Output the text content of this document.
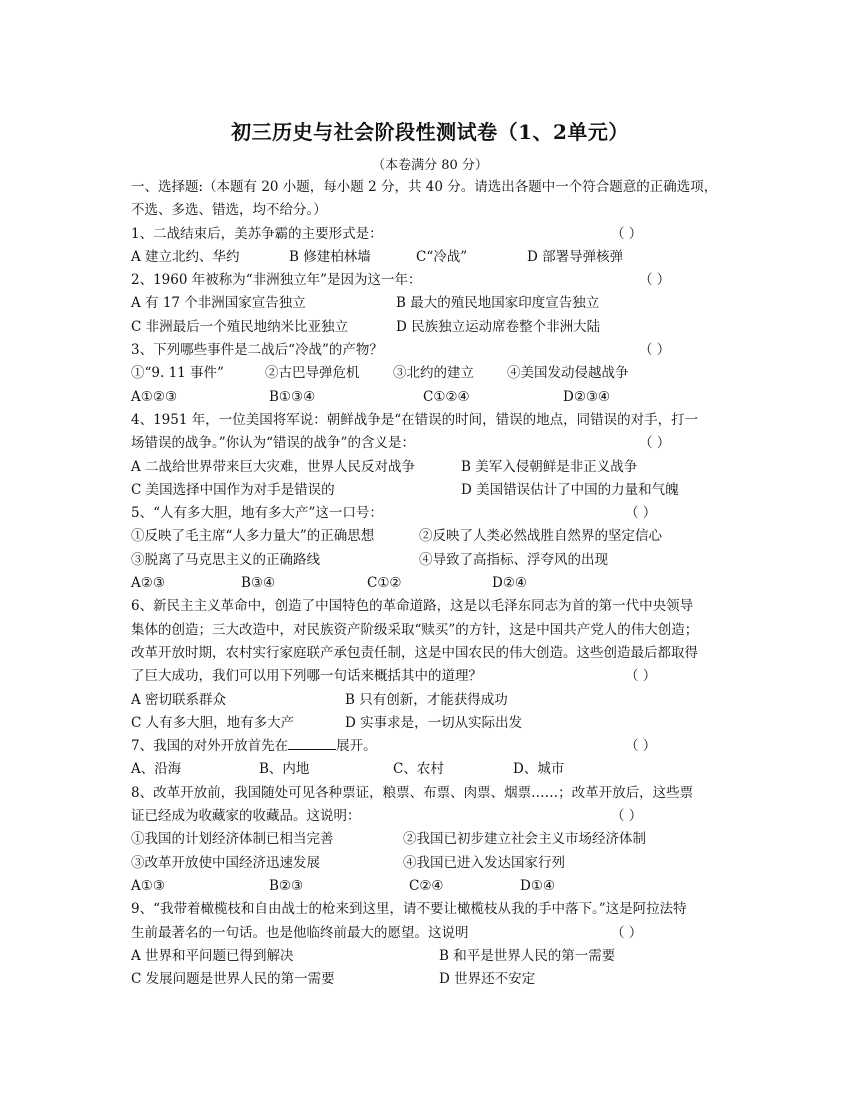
初三历史与社会阶段性测试卷（1、2单元）
（本卷满分 80 分）
一、选择题:（本题有 20 小题，每小题 2 分，共 40 分。请选出各题中一个符合题意的正确选项，
不选、多选、错选，均不给分。）
1、二战结束后，美苏争霸的主要形式是：	（ ）
A 建立北约、华约	B 修建柏林墙	C“冷战”	D 部署导弹核弹
2、1960 年被称为“非洲独立年”是因为这一年：	（ ）
A 有 17 个非洲国家宣告独立	B 最大的殖民地国家印度宣告独立
C 非洲最后一个殖民地纳米比亚独立	D 民族独立运动席卷整个非洲大陆
3、下列哪些事件是二战后“冷战”的产物？	（ ）
①“9. 11 事件”	②古巴导弹危机 ③北约的建立 ④美国发动侵越战争
A①②③	B①③④	C①②④	D②③④
4、1951 年，一位美国将军说：朝鲜战争是“在错误的时间，错误的地点，同错误的对手，打一
场错误的战争。”你认为“错误的战争”的含义是：	（ ）
A 二战给世界带来巨大灾难，世界人民反对战争	B 美军入侵朝鲜是非正义战争
C 美国选择中国作为对手是错误的	D 美国错误估计了中国的力量和气魄
5、“人有多大胆，地有多大产”这一口号：	（ ）
①反映了毛主席“人多力量大”的正确思想	②反映了人类必然战胜自然界的坚定信心
③脱离了马克思主义的正确路线	④导致了高指标、浮夸风的出现
A②③	B③④	C①②	D②④
6、新民主主义革命中，创造了中国特色的革命道路，这是以毛泽东同志为首的第一代中央领导
集体的创造；三大改造中，对民族资产阶级采取“赎买”的方针，这是中国共产党人的伟大创造；
改革开放时期，农村实行家庭联产承包责任制，这是中国农民的伟大创造。这些创造最后都取得
了巨大成功，我们可以用下列哪一句话来概括其中的道理？	（ ）
A 密切联系群众	B 只有创新，才能获得成功
C 人有多大胆，地有多大产	D 实事求是，一切从实际出发
7、我国的对外开放首先在	展开。	（ ）
A、沿海	B、内地	C、农村	D、城市
8、改革开放前，我国随处可见各种票证，粮票、布票、肉票、烟票……；改革开放后，这些票
证已经成为收藏家的收藏品。这说明：	（ ）
①我国的计划经济体制已相当完善	②我国已初步建立社会主义市场经济体制
③改革开放使中国经济迅速发展	④我国已进入发达国家行列
A①③	B②③	C②④	D①④
9、“我带着橄榄枝和自由战士的枪来到这里，请不要让橄榄枝从我的手中落下。”这是阿拉法特
生前最著名的一句话。也是他临终前最大的愿望。这说明	（ ）
A 世界和平问题已得到解决	B 和平是世界人民的第一需要
C 发展问题是世界人民的第一需要	D 世界还不安定
